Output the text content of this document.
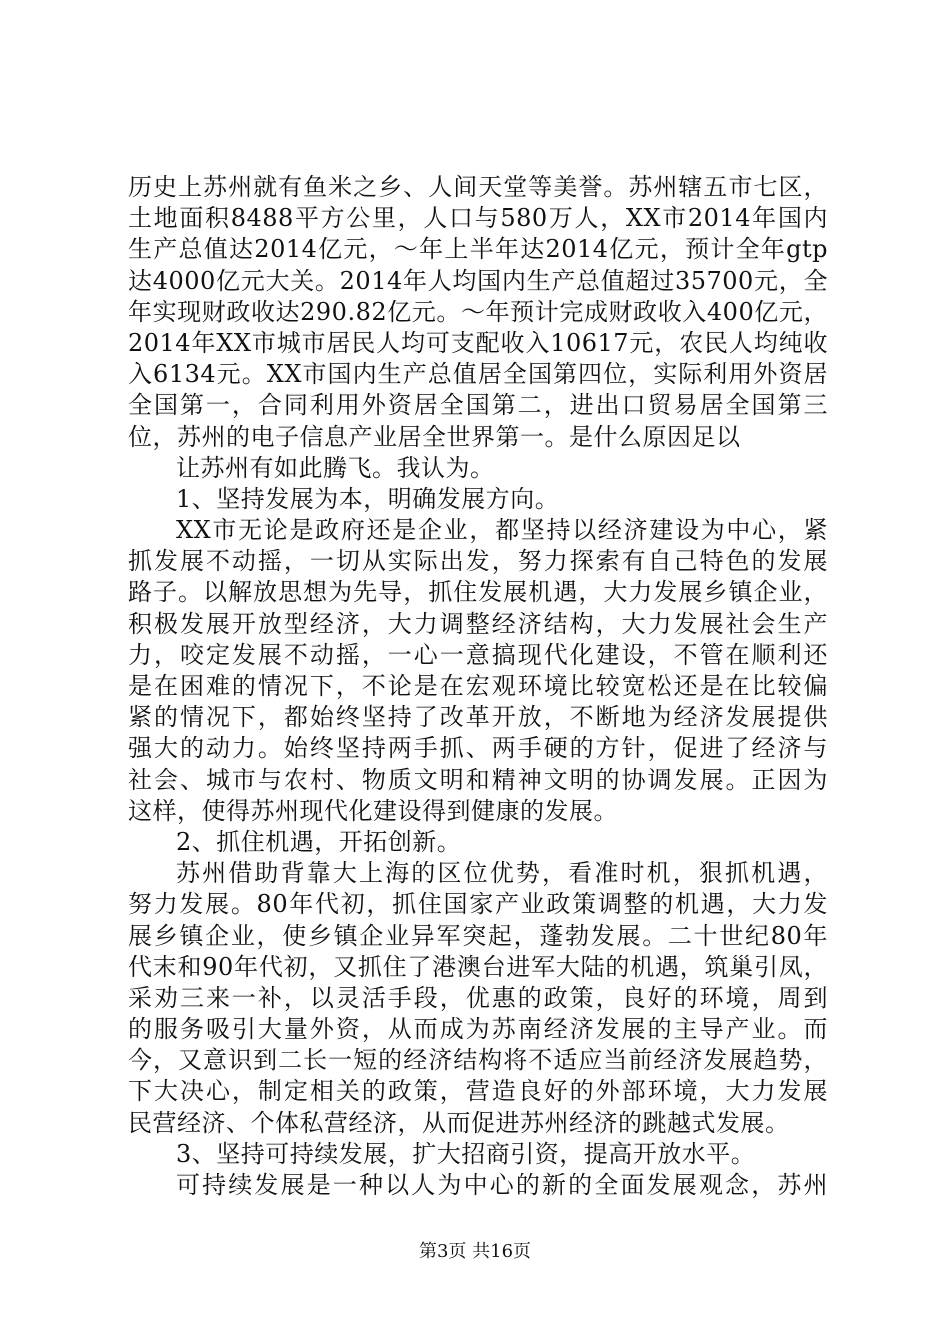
历史上苏州就有鱼米之乡、人间天堂等美誉。苏州辖五市七区，
土地面积8488平方公里，人口与580万人，XX市2014年国内
生产总值达2014亿元，～年上半年达2014亿元，预计全年gtp
达4000亿元大关。2014年人均国内生产总值超过35700元，全
年实现财政收达290.82亿元。～年预计完成财政收入400亿元，
2014年XX市城市居民人均可支配收入10617元，农民人均纯收
入6134元。XX市国内生产总值居全国第四位，实际利用外资居
全国第一，合同利用外资居全国第二，进出口贸易居全国第三
位，苏州的电子信息产业居全世界第一。是什么原因足以
让苏州有如此腾飞。我认为。
1、坚持发展为本，明确发展方向。
XX市无论是政府还是企业，都坚持以经济建设为中心，紧
抓发展不动摇，一切从实际出发，努力探索有自己特色的发展
路子。以解放思想为先导，抓住发展机遇，大力发展乡镇企业，
积极发展开放型经济，大力调整经济结构，大力发展社会生产
力，咬定发展不动摇，一心一意搞现代化建设，不管在顺利还
是在困难的情况下，不论是在宏观环境比较宽松还是在比较偏
紧的情况下，都始终坚持了改革开放，不断地为经济发展提供
强大的动力。始终坚持两手抓、两手硬的方针，促进了经济与
社会、城市与农村、物质文明和精神文明的协调发展。正因为
这样，使得苏州现代化建设得到健康的发展。
2、抓住机遇，开拓创新。
苏州借助背靠大上海的区位优势，看准时机，狠抓机遇，
努力发展。80年代初，抓住国家产业政策调整的机遇，大力发
展乡镇企业，使乡镇企业异军突起，蓬勃发展。二十世纪80年
代末和90年代初，又抓住了港澳台进军大陆的机遇，筑巢引凤，
采劝三来一补，以灵活手段，优惠的政策，良好的环境，周到
的服务吸引大量外资，从而成为苏南经济发展的主导产业。而
今，又意识到二长一短的经济结构将不适应当前经济发展趋势，
下大决心，制定相关的政策，营造良好的外部环境，大力发展
民营经济、个体私营经济，从而促进苏州经济的跳越式发展。
3、坚持可持续发展，扩大招商引资，提高开放水平。
可持续发展是一种以人为中心的新的全面发展观念，苏州
第3页 共16页
